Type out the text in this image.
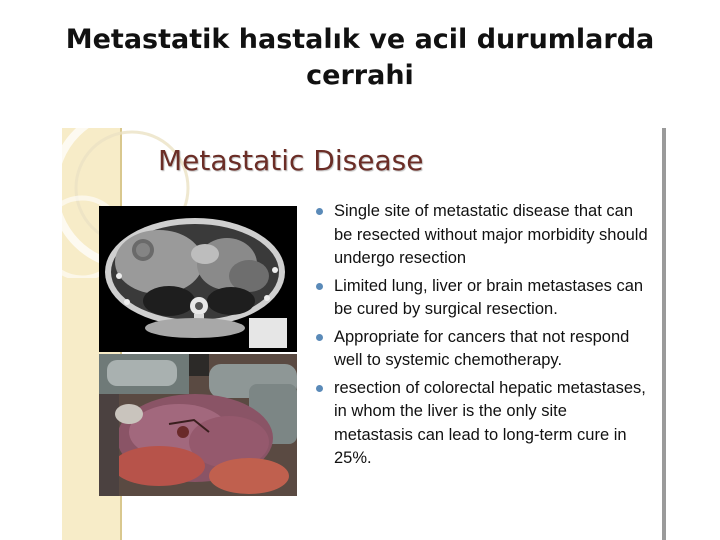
Metastatik hastalık ve acil durumlarda cerrahi
Metastatic Disease
Single site of metastatic disease that can be resected without major morbidity should undergo resection
Limited lung, liver or brain metastases can be cured by surgical resection.
Appropriate for cancers that not respond well to systemic chemotherapy.
resection of colorectal hepatic metastases, in whom the liver is the only site metastasis can lead to long-term cure in 25%.
